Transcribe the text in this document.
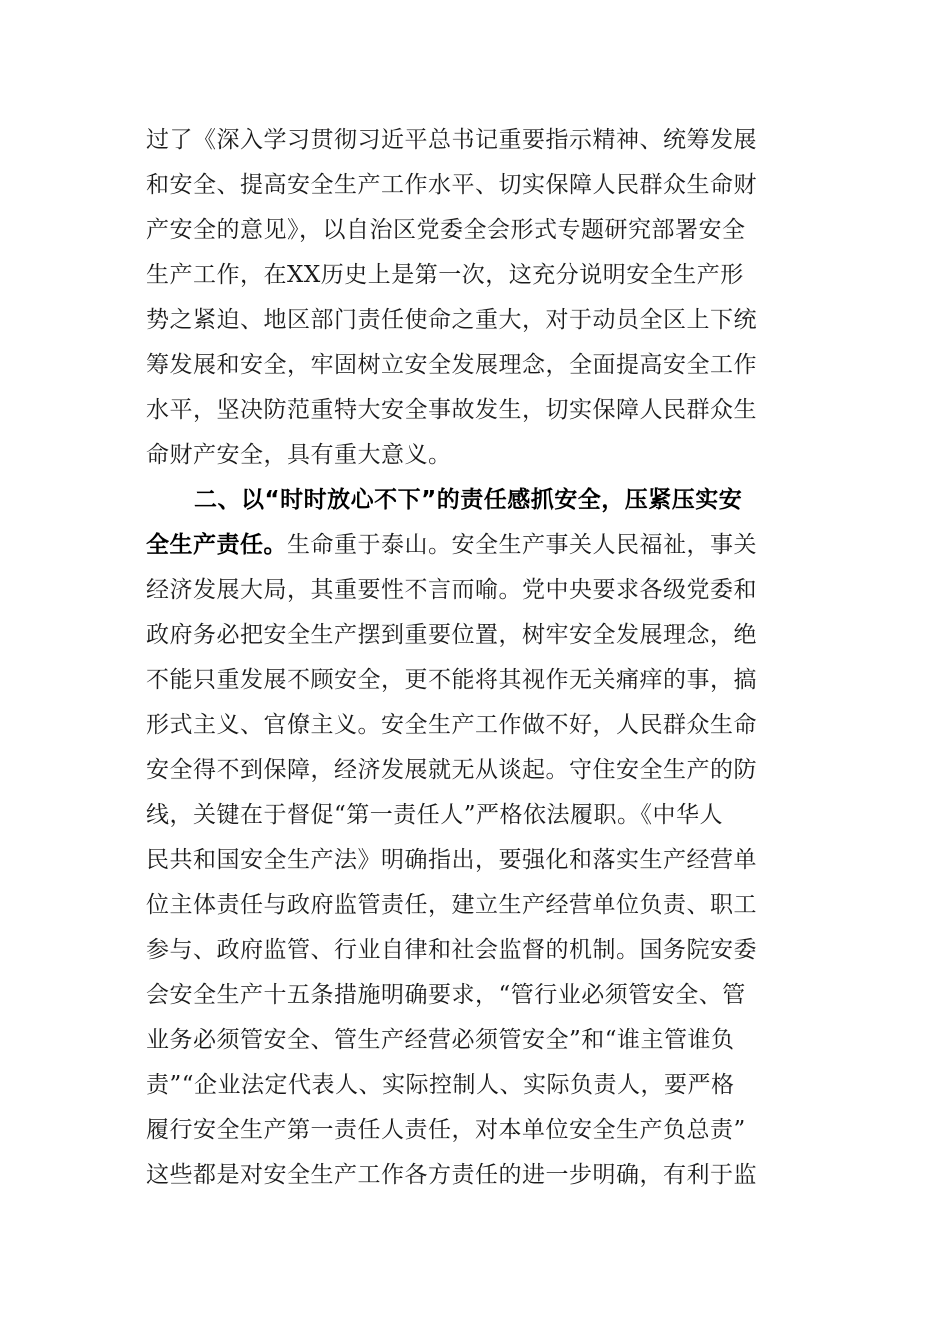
过了《深入学习贯彻习近平总书记重要指示精神、统筹发展
和安全、提高安全生产工作水平、切实保障人民群众生命财
产安全的意见》，以自治区党委全会形式专题研究部署安全
生产工作，在XX历史上是第一次，这充分说明安全生产形
势之紧迫、地区部门责任使命之重大，对于动员全区上下统
筹发展和安全，牢固树立安全发展理念，全面提高安全工作
水平，坚决防范重特大安全事故发生，切实保障人民群众生
命财产安全，具有重大意义。
二、以“时时放心不下”的责任感抓安全，压紧压实安
全生产责任。生命重于泰山。安全生产事关人民福祉，事关
经济发展大局，其重要性不言而喻。党中央要求各级党委和
政府务必把安全生产摆到重要位置，树牢安全发展理念，绝
不能只重发展不顾安全，更不能将其视作无关痛痒的事，搞
形式主义、官僚主义。安全生产工作做不好，人民群众生命
安全得不到保障，经济发展就无从谈起。守住安全生产的防
线，关键在于督促“第一责任人”严格依法履职。《中华人
民共和国安全生产法》明确指出，要强化和落实生产经营单
位主体责任与政府监管责任，建立生产经营单位负责、职工
参与、政府监管、行业自律和社会监督的机制。国务院安委
会安全生产十五条措施明确要求，“管行业必须管安全、管
业务必须管安全、管生产经营必须管安全”和“谁主管谁负
责”“企业法定代表人、实际控制人、实际负责人，要严格
履行安全生产第一责任人责任，对本单位安全生产负总责”
这些都是对安全生产工作各方责任的进一步明确，有利于监
